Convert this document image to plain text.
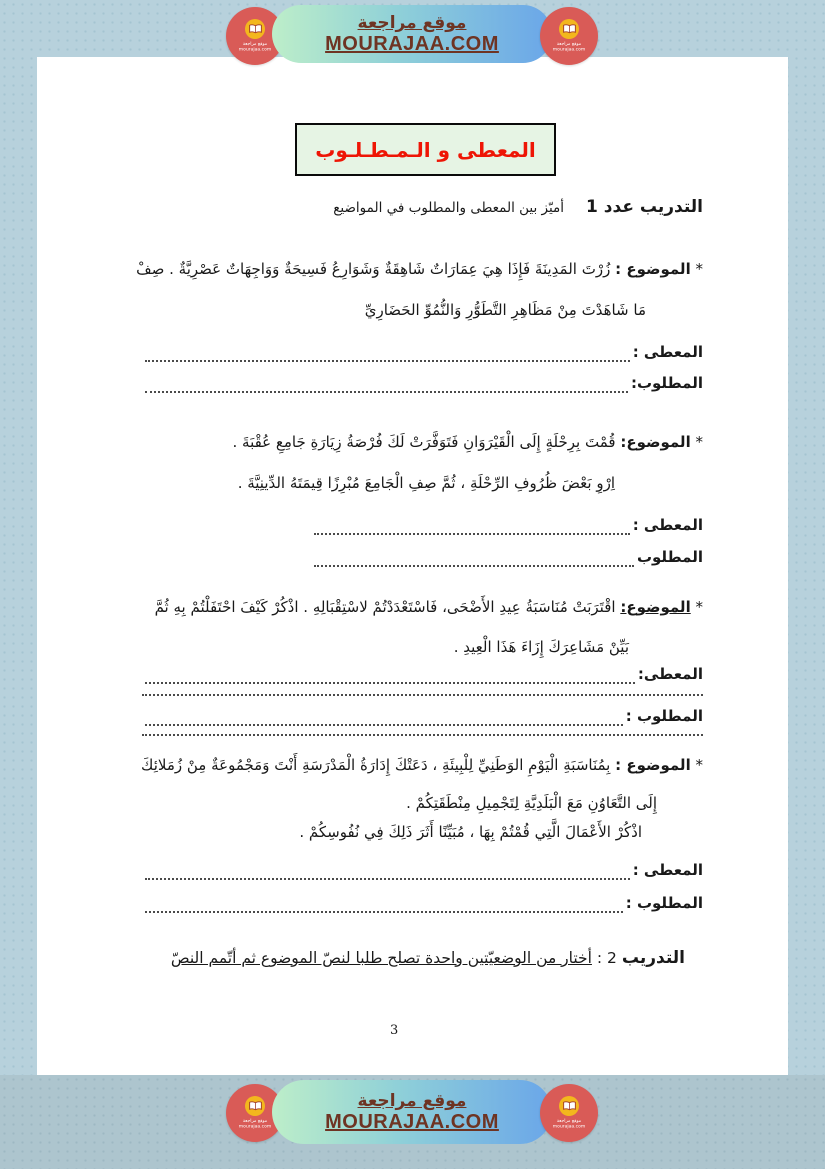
موقع مراجعة
mourajaa.com
موقع مراجعة
MOURAJAA.COM	موقع مراجعة
mourajaa.com
المعطى و الـمـطـلـوب
التدريب عدد 1
أميّز بين المعطى والمطلوب في المواضيع
* الموضوع : زُرْتَ المَدِينَةَ فَإِذَا هِيَ عِمَارَاتٌ شَاهِقَةٌ وَشَوَارِعُ فَسِيحَةٌ وَوَاجِهَاتٌ عَصْرِيَّةٌ . صِفْ
مَا شَاهَدْتَ مِنْ مَظَاهِرِ التَّطَوُّرِ وَالنُّمُوِّ الحَضَارِيِّ
المعطى :
المطلوب:
* الموضوع: قُمْتَ بِرِحْلَةٍ إِلَى الْقَيْرَوَانِ فَتَوَفَّرَتْ لَكَ فُرْصَةُ زِيَارَةِ جَامِعِ عُقْبَةَ .
اِرْوِ بَعْضَ ظُرُوفِ الرِّحْلَةِ ، ثُمَّ صِفِ الْجَامِعَ مُبْرِزًا قِيمَتَهُ الدِّينِيَّةَ .
المعطى :
المطلوب
* الموضوع: اقْتَرَبَتْ مُنَاسَبَةُ عِيدِ الأَضْحَى، فَاسْتَعْدَدْتُمْ لاسْتِقْبَالِهِ . اذْكُرْ كَيْفَ احْتَفَلْتُمْ بِهِ ثُمَّ
بَيِّنْ مَشَاعِرَكَ إِزَاءَ هَذَا الْعِيدِ .
المعطى:
المطلوب :
* الموضوع : بِمُنَاسَبَةِ الْيَوْمِ الوَطَنِيِّ لِلْبِيئَةِ ، دَعَتْكَ إِدَارَةُ الْمَدْرَسَةِ أَنْتَ وَمَجْمُوعَةٌ مِنْ زُمَلائِكَ
إِلَى التَّعَاوُنِ مَعَ الْبَلَدِيَّةِ لِتَجْمِيلِ مِنْطَقَتِكُمْ .
اذْكُرْ الأَعْمَالَ الَّتِي قُمْتُمْ بِهَا ، مُبَيِّنًا أَثَرَ ذَلِكَ فِي نُفُوسِكُمْ .
المعطى :
المطلوب :
التدريب 2 : أختار من الوضعيّتين واحدة تصلح طلبا لنصّ الموضوع ثم أتّمم النصّ
3
موقع مراجعة
mourajaa.com
موقع مراجعة
MOURAJAA.COM	موقع مراجعة
mourajaa.com
